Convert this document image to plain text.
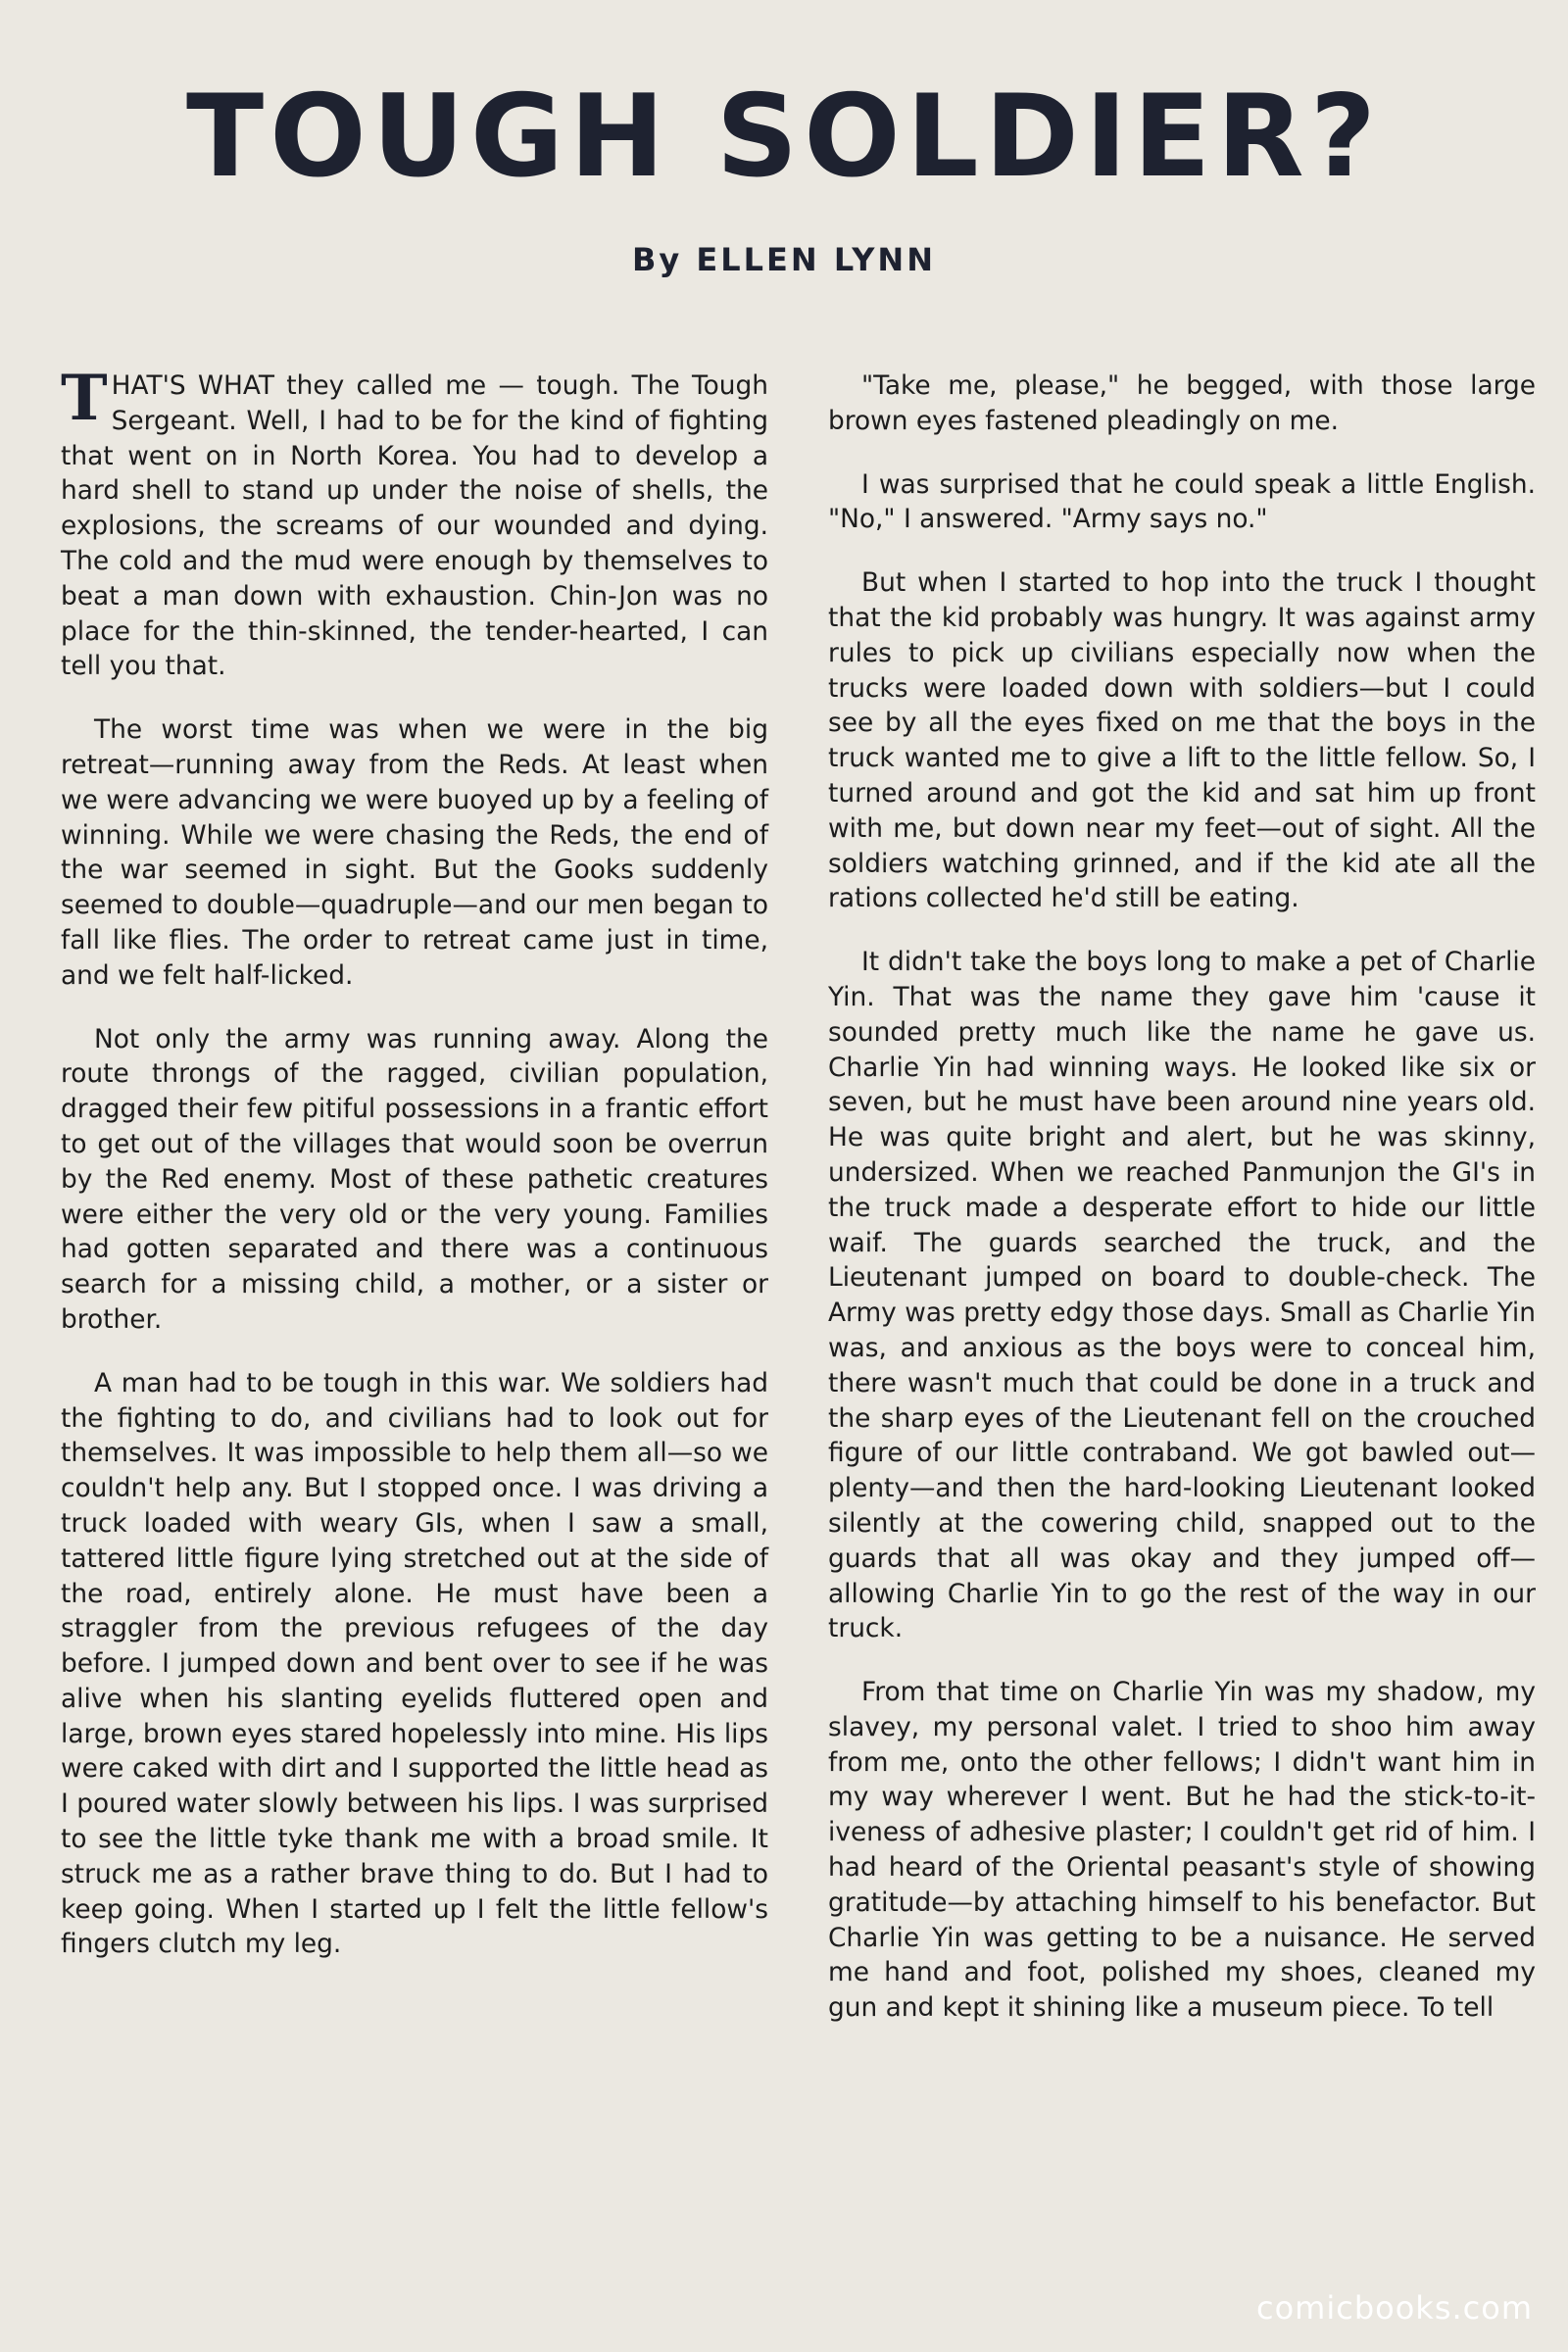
TOUGH SOLDIER?
By ELLEN LYNN

THAT'S WHAT they called me — tough. The Tough Sergeant. Well, I had to be for the kind of fighting that went on in North Korea. You had to develop a hard shell to stand up under the noise of shells, the explosions, the screams of our wounded and dying. The cold and the mud were enough by themselves to beat a man down with exhaustion. Chin-Jon was no place for the thin-skinned, the tender-hearted, I can tell you that.

The worst time was when we were in the big retreat—running away from the Reds. At least when we were advancing we were buoyed up by a feeling of winning. While we were chasing the Reds, the end of the war seemed in sight. But the Gooks suddenly seemed to double—quadruple—and our men began to fall like flies. The order to retreat came just in time, and we felt half-licked.

Not only the army was running away. Along the route throngs of the ragged, civilian population, dragged their few pitiful possessions in a frantic effort to get out of the villages that would soon be overrun by the Red enemy. Most of these pathetic creatures were either the very old or the very young. Families had gotten separated and there was a continuous search for a missing child, a mother, or a sister or brother.

A man had to be tough in this war. We soldiers had the fighting to do, and civilians had to look out for themselves. It was impossible to help them all—so we couldn't help any. But I stopped once. I was driving a truck loaded with weary GIs, when I saw a small, tattered little figure lying stretched out at the side of the road, entirely alone. He must have been a straggler from the previous refugees of the day before. I jumped down and bent over to see if he was alive when his slanting eyelids fluttered open and large, brown eyes stared hopelessly into mine. His lips were caked with dirt and I supported the little head as I poured water slowly between his lips. I was surprised to see the little tyke thank me with a broad smile. It struck me as a rather brave thing to do. But I had to keep going. When I started up I felt the little fellow's fingers clutch my leg.

"Take me, please," he begged, with those large brown eyes fastened pleadingly on me.

I was surprised that he could speak a little English. "No," I answered. "Army says no."

But when I started to hop into the truck I thought that the kid probably was hungry. It was against army rules to pick up civilians especially now when the trucks were loaded down with soldiers—but I could see by all the eyes fixed on me that the boys in the truck wanted me to give a lift to the little fellow. So, I turned around and got the kid and sat him up front with me, but down near my feet—out of sight. All the soldiers watching grinned, and if the kid ate all the rations collected he'd still be eating.

It didn't take the boys long to make a pet of Charlie Yin. That was the name they gave him 'cause it sounded pretty much like the name he gave us. Charlie Yin had winning ways. He looked like six or seven, but he must have been around nine years old. He was quite bright and alert, but he was skinny, undersized. When we reached Panmunjon the GI's in the truck made a desperate effort to hide our little waif. The guards searched the truck, and the Lieutenant jumped on board to double-check. The Army was pretty edgy those days. Small as Charlie Yin was, and anxious as the boys were to conceal him, there wasn't much that could be done in a truck and the sharp eyes of the Lieutenant fell on the crouched figure of our little contraband. We got bawled out—plenty—and then the hard-looking Lieutenant looked silently at the cowering child, snapped out to the guards that all was okay and they jumped off—allowing Charlie Yin to go the rest of the way in our truck.

From that time on Charlie Yin was my shadow, my slavey, my personal valet. I tried to shoo him away from me, onto the other fellows; I didn't want him in my way wherever I went. But he had the stick-to-it-iveness of adhesive plaster; I couldn't get rid of him. I had heard of the Oriental peasant's style of showing gratitude—by attaching himself to his benefactor. But Charlie Yin was getting to be a nuisance. He served me hand and foot, polished my shoes, cleaned my gun and kept it shining like a museum piece. To tell

comicbooks.com
